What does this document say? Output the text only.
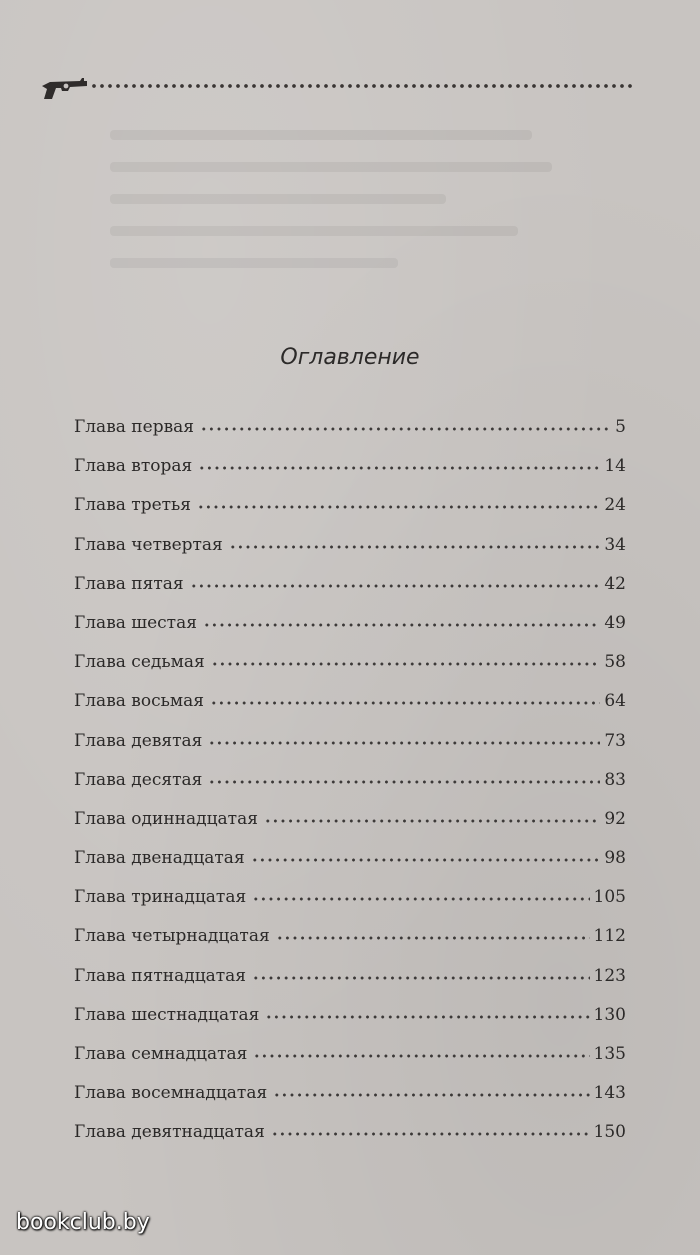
Оглавление
Глава первая	5
Глава вторая	14
Глава третья	24
Глава четвертая	34
Глава пятая	42
Глава шестая	49
Глава седьмая	58
Глава восьмая	64
Глава девятая	73
Глава десятая	83
Глава одиннадцатая	92
Глава двенадцатая	98
Глава тринадцатая	105
Глава четырнадцатая	112
Глава пятнадцатая	123
Глава шестнадцатая	130
Глава семнадцатая	135
Глава восемнадцатая	143
Глава девятнадцатая	150
bookclub.by
